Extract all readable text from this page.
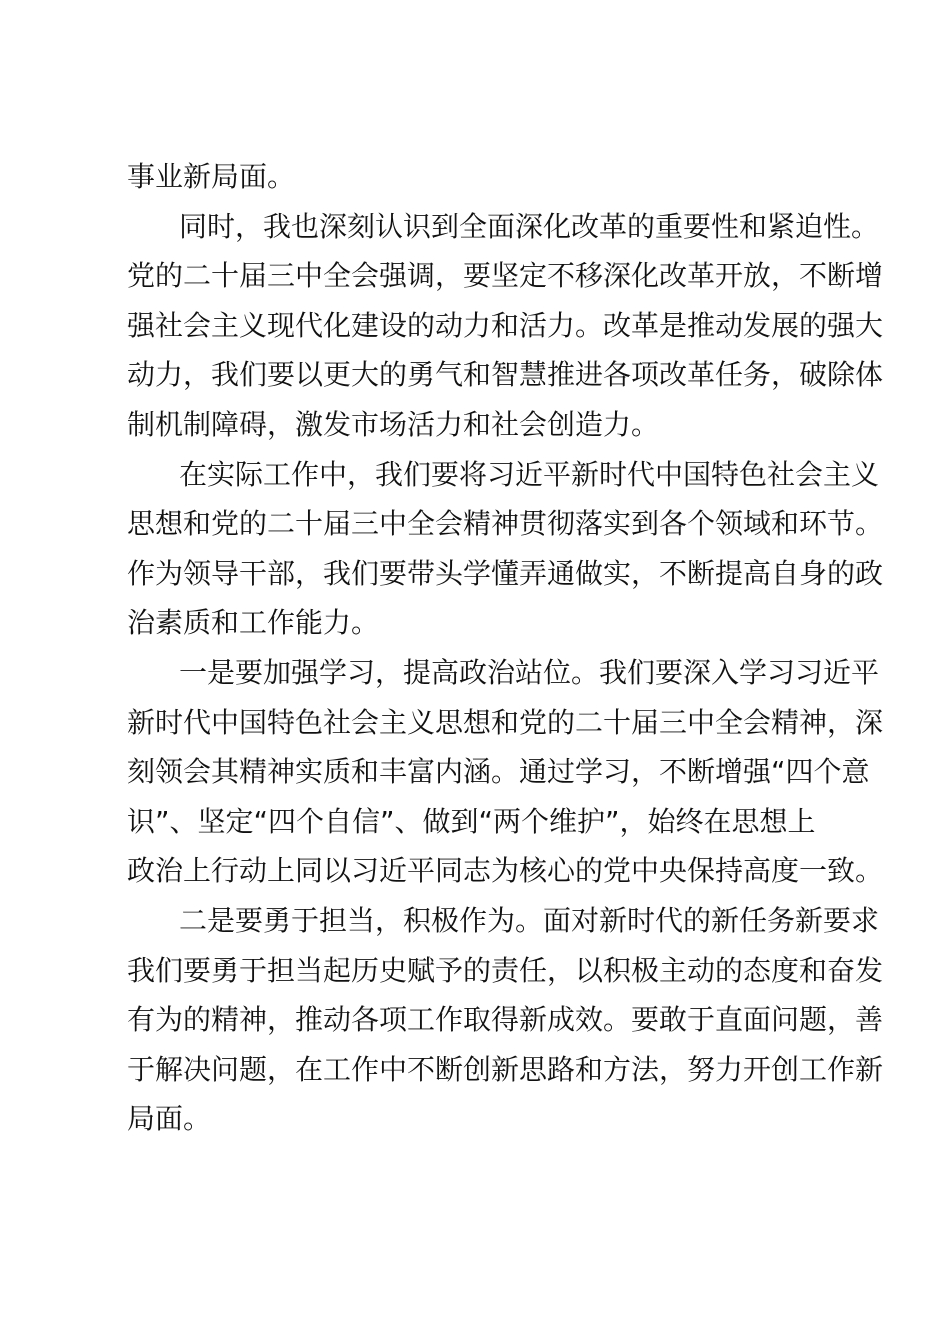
事业新局面。
同时，我也深刻认识到全面深化改革的重要性和紧迫性。
党的二十届三中全会强调，要坚定不移深化改革开放，不断增
强社会主义现代化建设的动力和活力。改革是推动发展的强大
动力，我们要以更大的勇气和智慧推进各项改革任务，破除体
制机制障碍，激发市场活力和社会创造力。
在实际工作中，我们要将习近平新时代中国特色社会主义
思想和党的二十届三中全会精神贯彻落实到各个领域和环节。
作为领导干部，我们要带头学懂弄通做实，不断提高自身的政
治素质和工作能力。
一是要加强学习，提高政治站位。我们要深入学习习近平
新时代中国特色社会主义思想和党的二十届三中全会精神，深
刻领会其精神实质和丰富内涵。通过学习，不断增强“四个意
识”、坚定“四个自信”、做到“两个维护”，始终在思想上
政治上行动上同以习近平同志为核心的党中央保持高度一致。
二是要勇于担当，积极作为。面对新时代的新任务新要求
我们要勇于担当起历史赋予的责任，以积极主动的态度和奋发
有为的精神，推动各项工作取得新成效。要敢于直面问题，善
于解决问题，在工作中不断创新思路和方法，努力开创工作新
局面。
